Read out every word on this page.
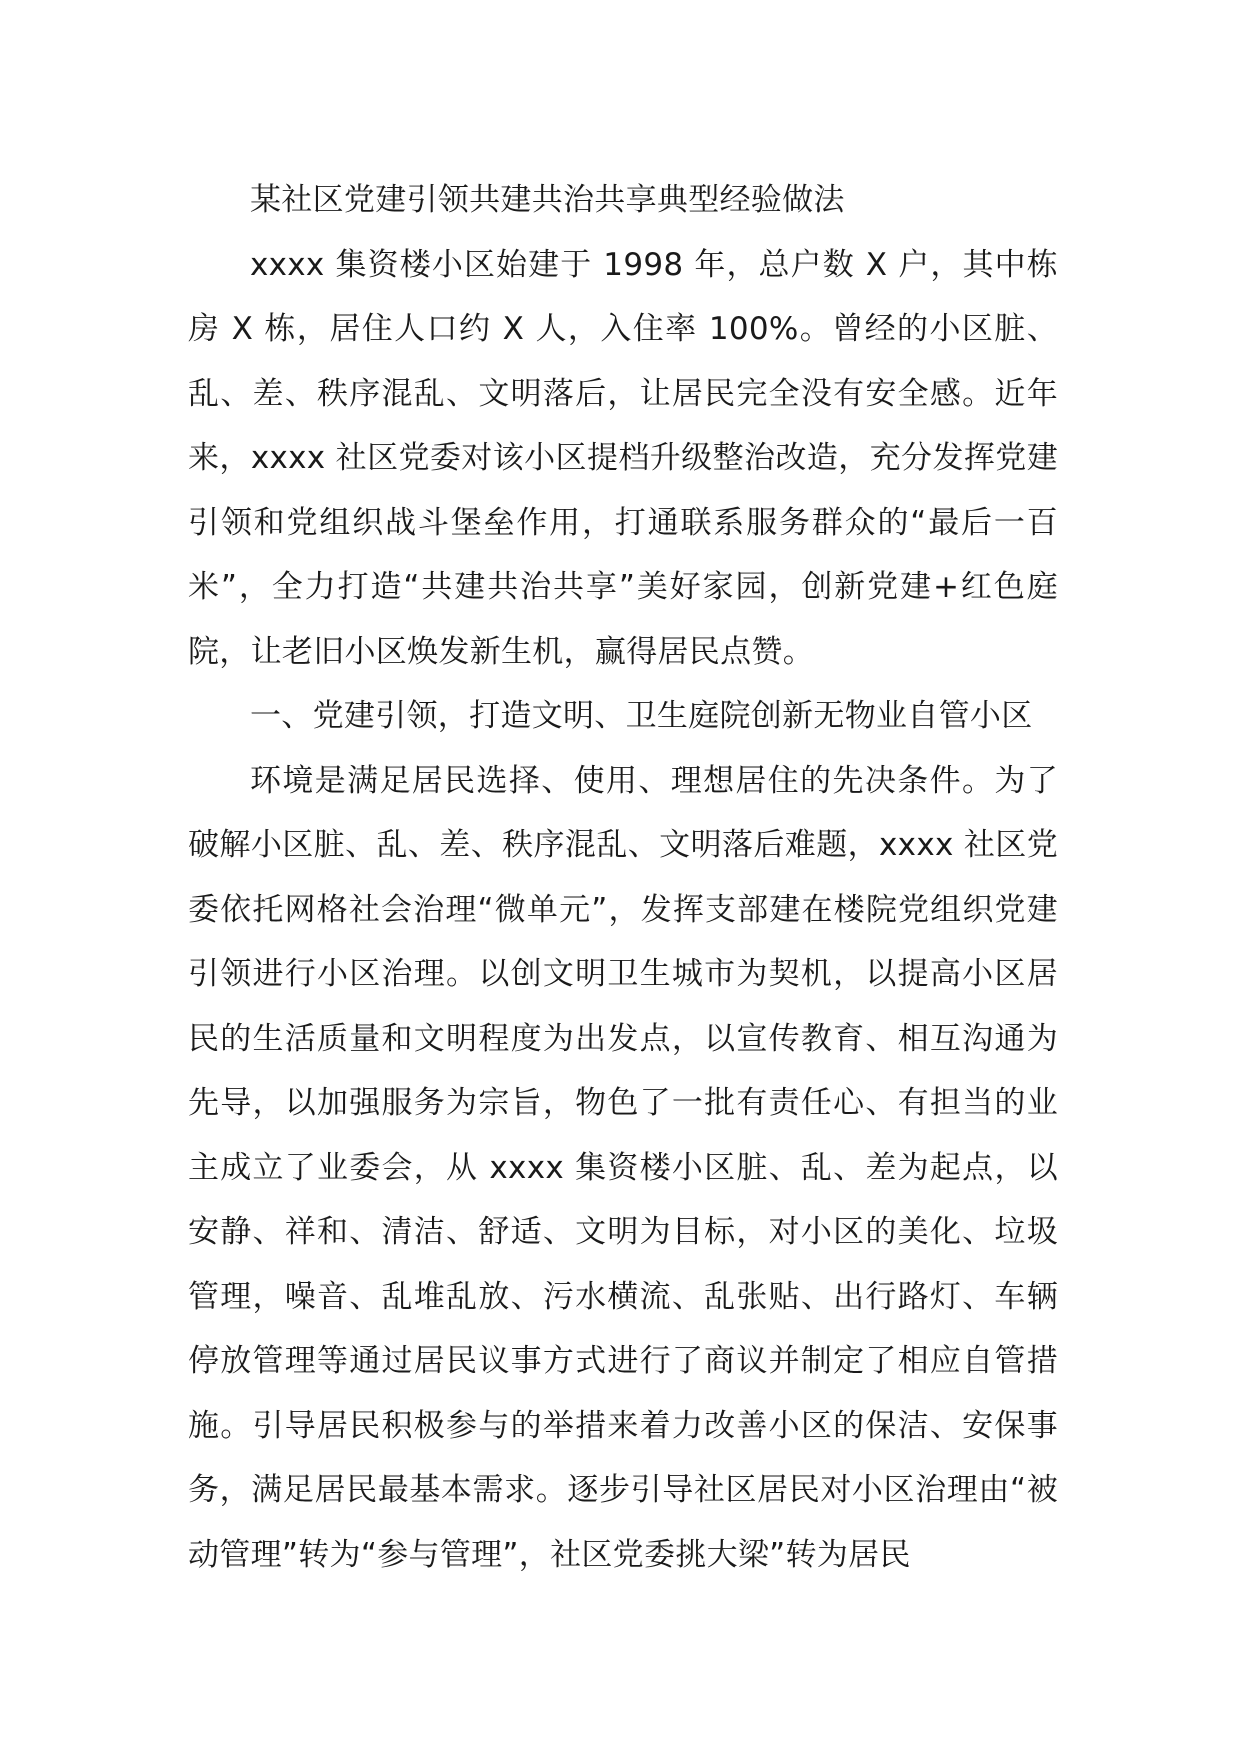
某社区党建引领共建共治共享典型经验做法

xxxx 集资楼小区始建于 1998 年，总户数 X 户，其中栋房 X 栋，居住人口约 X 人，入住率 100%。曾经的小区脏、乱、差、秩序混乱、文明落后，让居民完全没有安全感。近年来，xxxx 社区党委对该小区提档升级整治改造，充分发挥党建引领和党组织战斗堡垒作用，打通联系服务群众的“最后一百米”，全力打造“共建共治共享”美好家园，创新党建+红色庭院，让老旧小区焕发新生机，赢得居民点赞。

一、党建引领，打造文明、卫生庭院创新无物业自管小区

环境是满足居民选择、使用、理想居住的先决条件。为了破解小区脏、乱、差、秩序混乱、文明落后难题，xxxx 社区党委依托网格社会治理“微单元”，发挥支部建在楼院党组织党建引领进行小区治理。以创文明卫生城市为契机，以提高小区居民的生活质量和文明程度为出发点，以宣传教育、相互沟通为先导，以加强服务为宗旨，物色了一批有责任心、有担当的业主成立了业委会，从 xxxx 集资楼小区脏、乱、差为起点，以安静、祥和、清洁、舒适、文明为目标，对小区的美化、垃圾管理，噪音、乱堆乱放、污水横流、乱张贴、出行路灯、车辆停放管理等通过居民议事方式进行了商议并制定了相应自管措施。引导居民积极参与的举措来着力改善小区的保洁、安保事务，满足居民最基本需求。逐步引导社区居民对小区治理由“被动管理”转为“参与管理”，社区党委挑大梁”转为居民
